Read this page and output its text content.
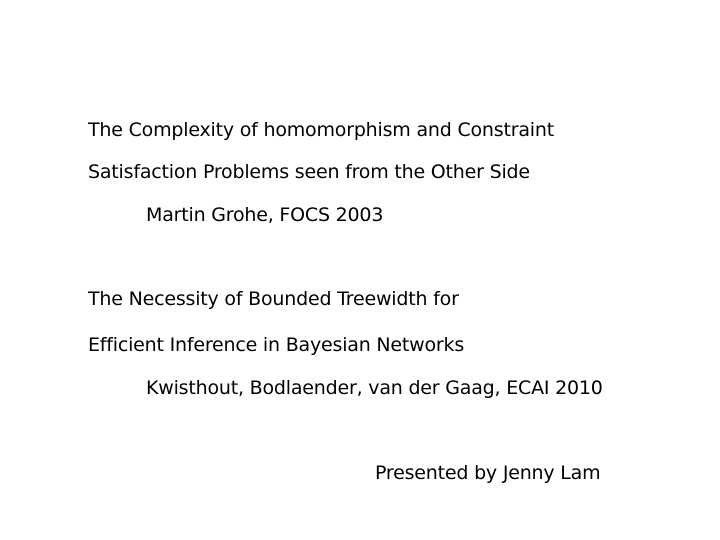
The Complexity of homomorphism and Constraint
Satisfaction Problems seen from the Other Side
Martin Grohe, FOCS 2003
The Necessity of Bounded Treewidth for
Efficient Inference in Bayesian Networks
Kwisthout, Bodlaender, van der Gaag, ECAI 2010
Presented by Jenny Lam
